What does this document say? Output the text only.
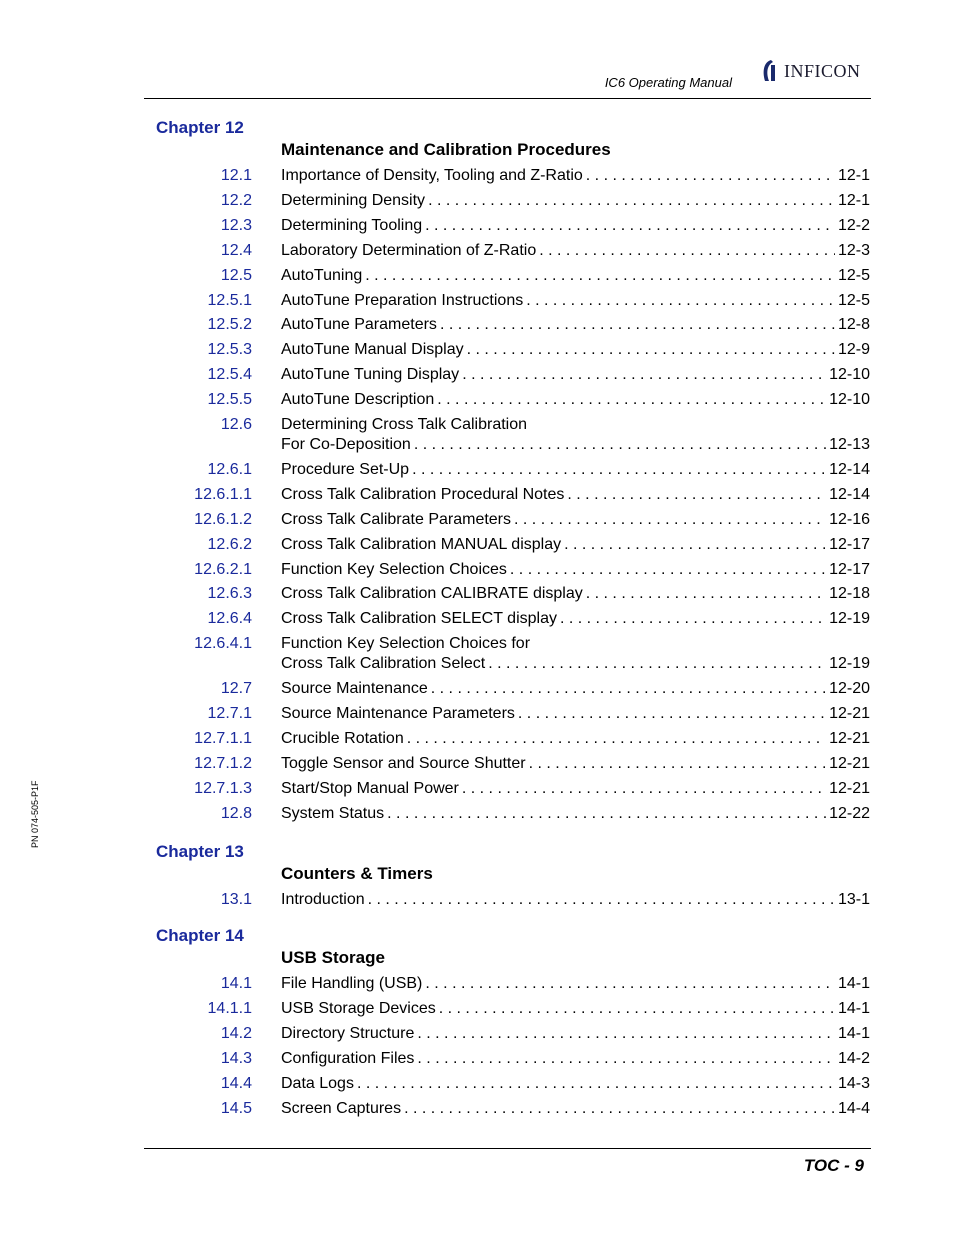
IC6 Operating Manual
INFICON
PN 074-505-P1F
Chapter 12
Maintenance and Calibration Procedures
12.1 Importance of Density, Tooling and Z-Ratio . . .	12-1
12.2 Determining Density . . .	12-1
12.3 Determining Tooling . . .	12-2
12.4 Laboratory Determination of Z-Ratio . . .	12-3
12.5 AutoTuning . . .	12-5
12.5.1 AutoTune Preparation Instructions . . .	12-5
12.5.2 AutoTune Parameters . . .	12-8
12.5.3 AutoTune Manual Display . . .	12-9
12.5.4 AutoTune Tuning Display . . .	12-10
12.5.5 AutoTune Description . . .	12-10
12.6 Determining Cross Talk Calibration
For Co-Deposition . . .	12-13
12.6.1 Procedure Set-Up . . .	12-14
12.6.1.1 Cross Talk Calibration Procedural Notes . . .	12-14
12.6.1.2 Cross Talk Calibrate Parameters . . .	12-16
12.6.2 Cross Talk Calibration MANUAL display . . .	12-17
12.6.2.1 Function Key Selection Choices . . .	12-17
12.6.3 Cross Talk Calibration CALIBRATE display . . .	12-18
12.6.4 Cross Talk Calibration SELECT display . . .	12-19
12.6.4.1 Function Key Selection Choices for
Cross Talk Calibration Select . . .	12-19
12.7 Source Maintenance . . .	12-20
12.7.1 Source Maintenance Parameters . . .	12-21
12.7.1.1 Crucible Rotation . . .	12-21
12.7.1.2 Toggle Sensor and Source Shutter . . .	12-21
12.7.1.3 Start/Stop Manual Power . . .	12-21
12.8 System Status . . .	12-22
Chapter 13
Counters & Timers
13.1 Introduction . . .	13-1
Chapter 14
USB Storage
14.1 File Handling (USB) . . .	14-1
14.1.1 USB Storage Devices . . .	14-1
14.2 Directory Structure . . .	14-1
14.3 Configuration Files . . .	14-2
14.4 Data Logs . . .	14-3
14.5 Screen Captures . . .	14-4
TOC - 9
